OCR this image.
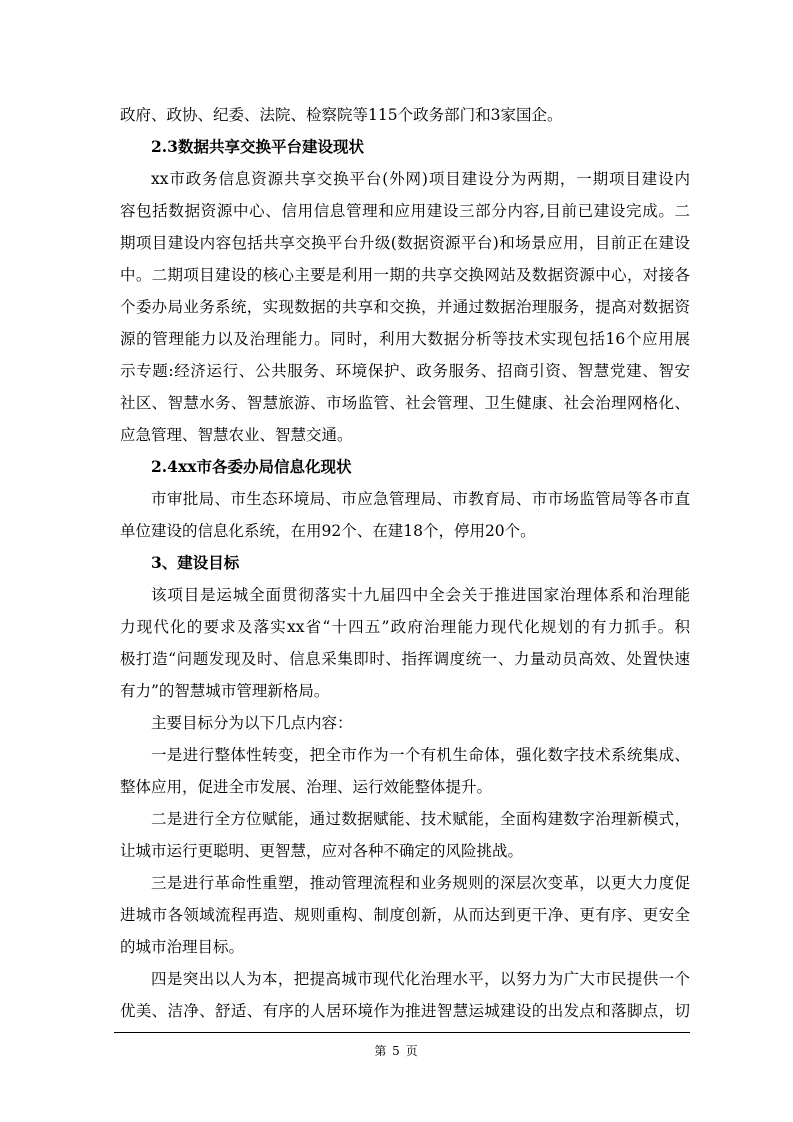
政府、政协、纪委、法院、检察院等115个政务部门和3家国企。
2.3数据共享交换平台建设现状
xx市政务信息资源共享交换平台(外网)项目建设分为两期，一期项目建设内
容包括数据资源中心、信用信息管理和应用建设三部分内容,目前已建设完成。二
期项目建设内容包括共享交换平台升级(数据资源平台)和场景应用，目前正在建设
中。二期项目建设的核心主要是利用一期的共享交换网站及数据资源中心，对接各
个委办局业务系统，实现数据的共享和交换，并通过数据治理服务，提高对数据资
源的管理能力以及治理能力。同时，利用大数据分析等技术实现包括16个应用展
示专题:经济运行、公共服务、环境保护、政务服务、招商引资、智慧党建、智安
社区、智慧水务、智慧旅游、市场监管、社会管理、卫生健康、社会治理网格化、
应急管理、智慧农业、智慧交通。
2.4xx市各委办局信息化现状
市审批局、市生态环境局、市应急管理局、市教育局、市市场监管局等各市直
单位建设的信息化系统，在用92个、在建18个，停用20个。
3、建设目标
该项目是运城全面贯彻落实十九届四中全会关于推进国家治理体系和治理能
力现代化的要求及落实xx省“十四五”政府治理能力现代化规划的有力抓手。积
极打造“问题发现及时、信息采集即时、指挥调度统一、力量动员高效、处置快速
有力”的智慧城市管理新格局。
主要目标分为以下几点内容：
一是进行整体性转变，把全市作为一个有机生命体，强化数字技术系统集成、
整体应用，促进全市发展、治理、运行效能整体提升。
二是进行全方位赋能，通过数据赋能、技术赋能，全面构建数字治理新模式，
让城市运行更聪明、更智慧，应对各种不确定的风险挑战。
三是进行革命性重塑，推动管理流程和业务规则的深层次变革，以更大力度促
进城市各领域流程再造、规则重构、制度创新，从而达到更干净、更有序、更安全
的城市治理目标。
四是突出以人为本，把提高城市现代化治理水平，以努力为广大市民提供一个
优美、洁净、舒适、有序的人居环境作为推进智慧运城建设的出发点和落脚点，切
第 5 页
